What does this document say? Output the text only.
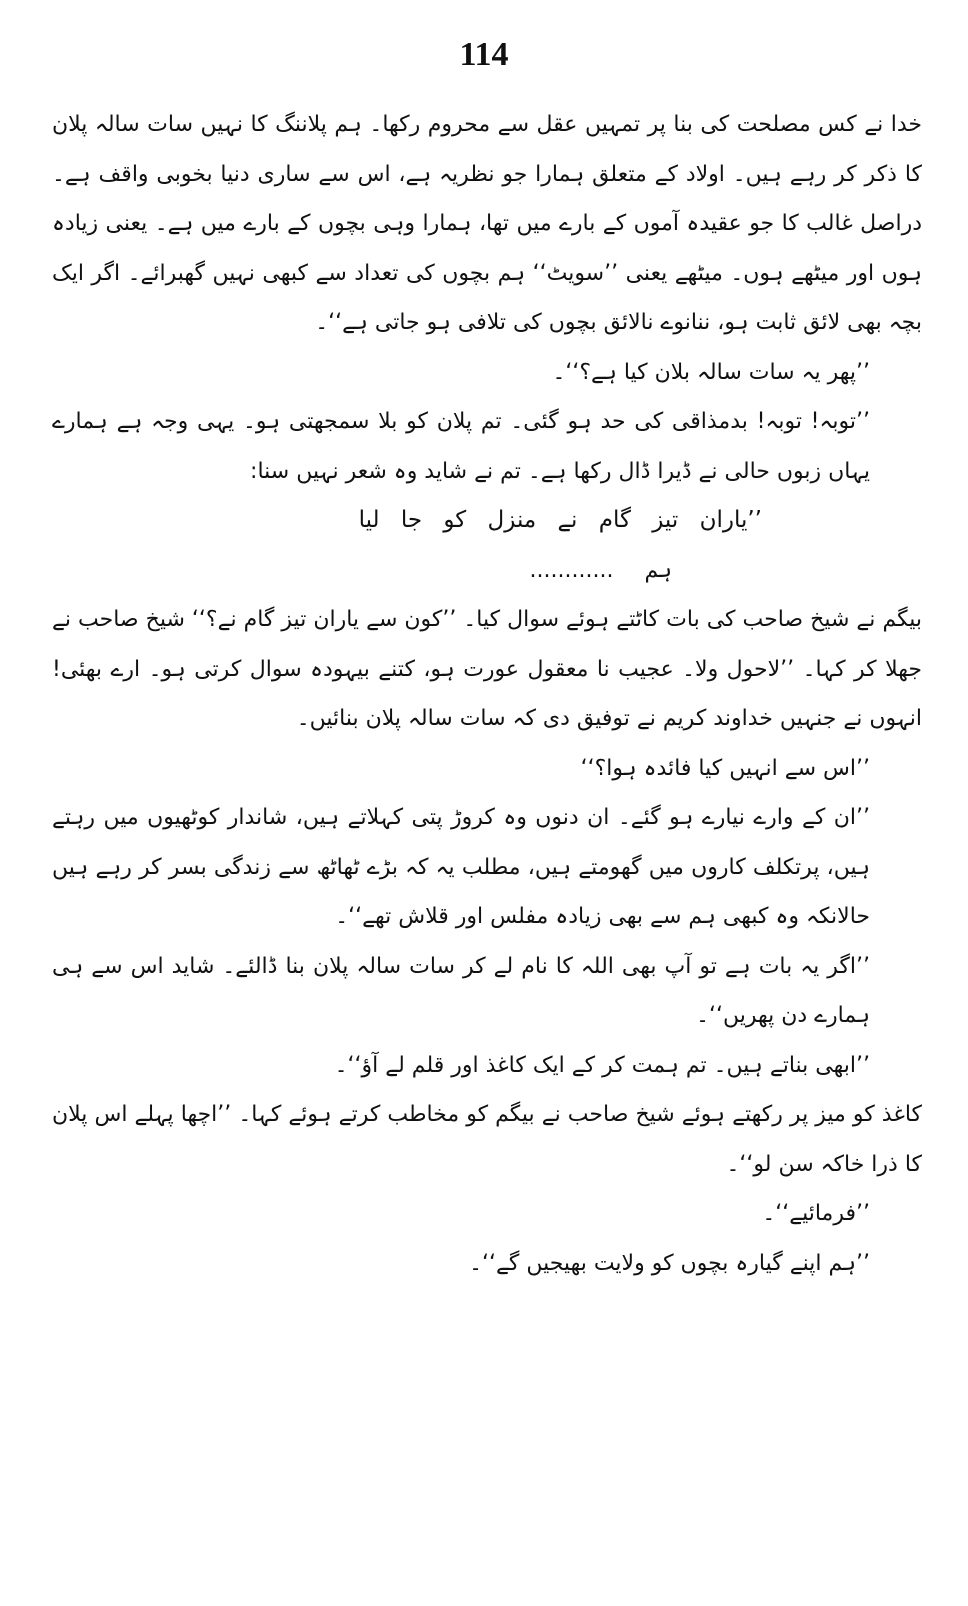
114

خدا نے کس مصلحت کی بنا پر تمہیں عقل سے محروم رکھا۔ ہم پلاننگ کا نہیں سات سالہ پلان کا ذکر کر رہے ہیں۔ اولاد کے متعلق ہمارا جو نظریہ ہے، اس سے ساری دنیا بخوبی واقف ہے۔ دراصل غالب کا جو عقیدہ آموں کے بارے میں تھا، ہمارا وہی بچوں کے بارے میں ہے۔ یعنی زیادہ ہوں اور میٹھے ہوں۔ میٹھے یعنی ’’سویٹ‘‘ ہم بچوں کی تعداد سے کبھی نہیں گھبرائے۔ اگر ایک بچہ بھی لائق ثابت ہو، ننانوے نالائق بچوں کی تلافی ہو جاتی ہے‘‘۔

’’پھر یہ سات سالہ بلان کیا ہے؟‘‘۔

’’توبہ! توبہ! بدمذاقی کی حد ہو گئی۔ تم پلان کو بلا سمجھتی ہو۔ یہی وجہ ہے ہمارے یہاں زبوں حالی نے ڈیرا ڈال رکھا ہے۔ تم نے شاید وہ شعر نہیں سنا:

’’یاران تیز گام نے منزل کو جا لیا

ہم ............

بیگم نے شیخ صاحب کی بات کاٹتے ہوئے سوال کیا۔ ’’کون سے یاران تیز گام نے؟‘‘ شیخ صاحب نے جھلا کر کہا۔ ’’لاحول ولا۔ عجیب نا معقول عورت ہو، کتنے بیہودہ سوال کرتی ہو۔ ارے بھئی! انہوں نے جنہیں خداوند کریم نے توفیق دی کہ سات سالہ پلان بنائیں۔

’’اس سے انہیں کیا فائدہ ہوا؟‘‘

’’ان کے وارے نیارے ہو گئے۔ ان دنوں وہ کروڑ پتی کہلاتے ہیں، شاندار کوٹھیوں میں رہتے ہیں، پرتکلف کاروں میں گھومتے ہیں، مطلب یہ کہ بڑے ٹھاٹھ سے زندگی بسر کر رہے ہیں حالانکہ وہ کبھی ہم سے بھی زیادہ مفلس اور قلاش تھے‘‘۔

’’اگر یہ بات ہے تو آپ بھی اللہ کا نام لے کر سات سالہ پلان بنا ڈالئے۔ شاید اس سے ہی ہمارے دن پھریں‘‘۔

’’ابھی بناتے ہیں۔ تم ہمت کر کے ایک کاغذ اور قلم لے آؤ‘‘۔

کاغذ کو میز پر رکھتے ہوئے شیخ صاحب نے بیگم کو مخاطب کرتے ہوئے کہا۔ ’’اچھا پہلے اس پلان کا ذرا خاکہ سن لو‘‘۔

’’فرمائیے‘‘۔

’’ہم اپنے گیارہ بچوں کو ولایت بھیجیں گے‘‘۔
